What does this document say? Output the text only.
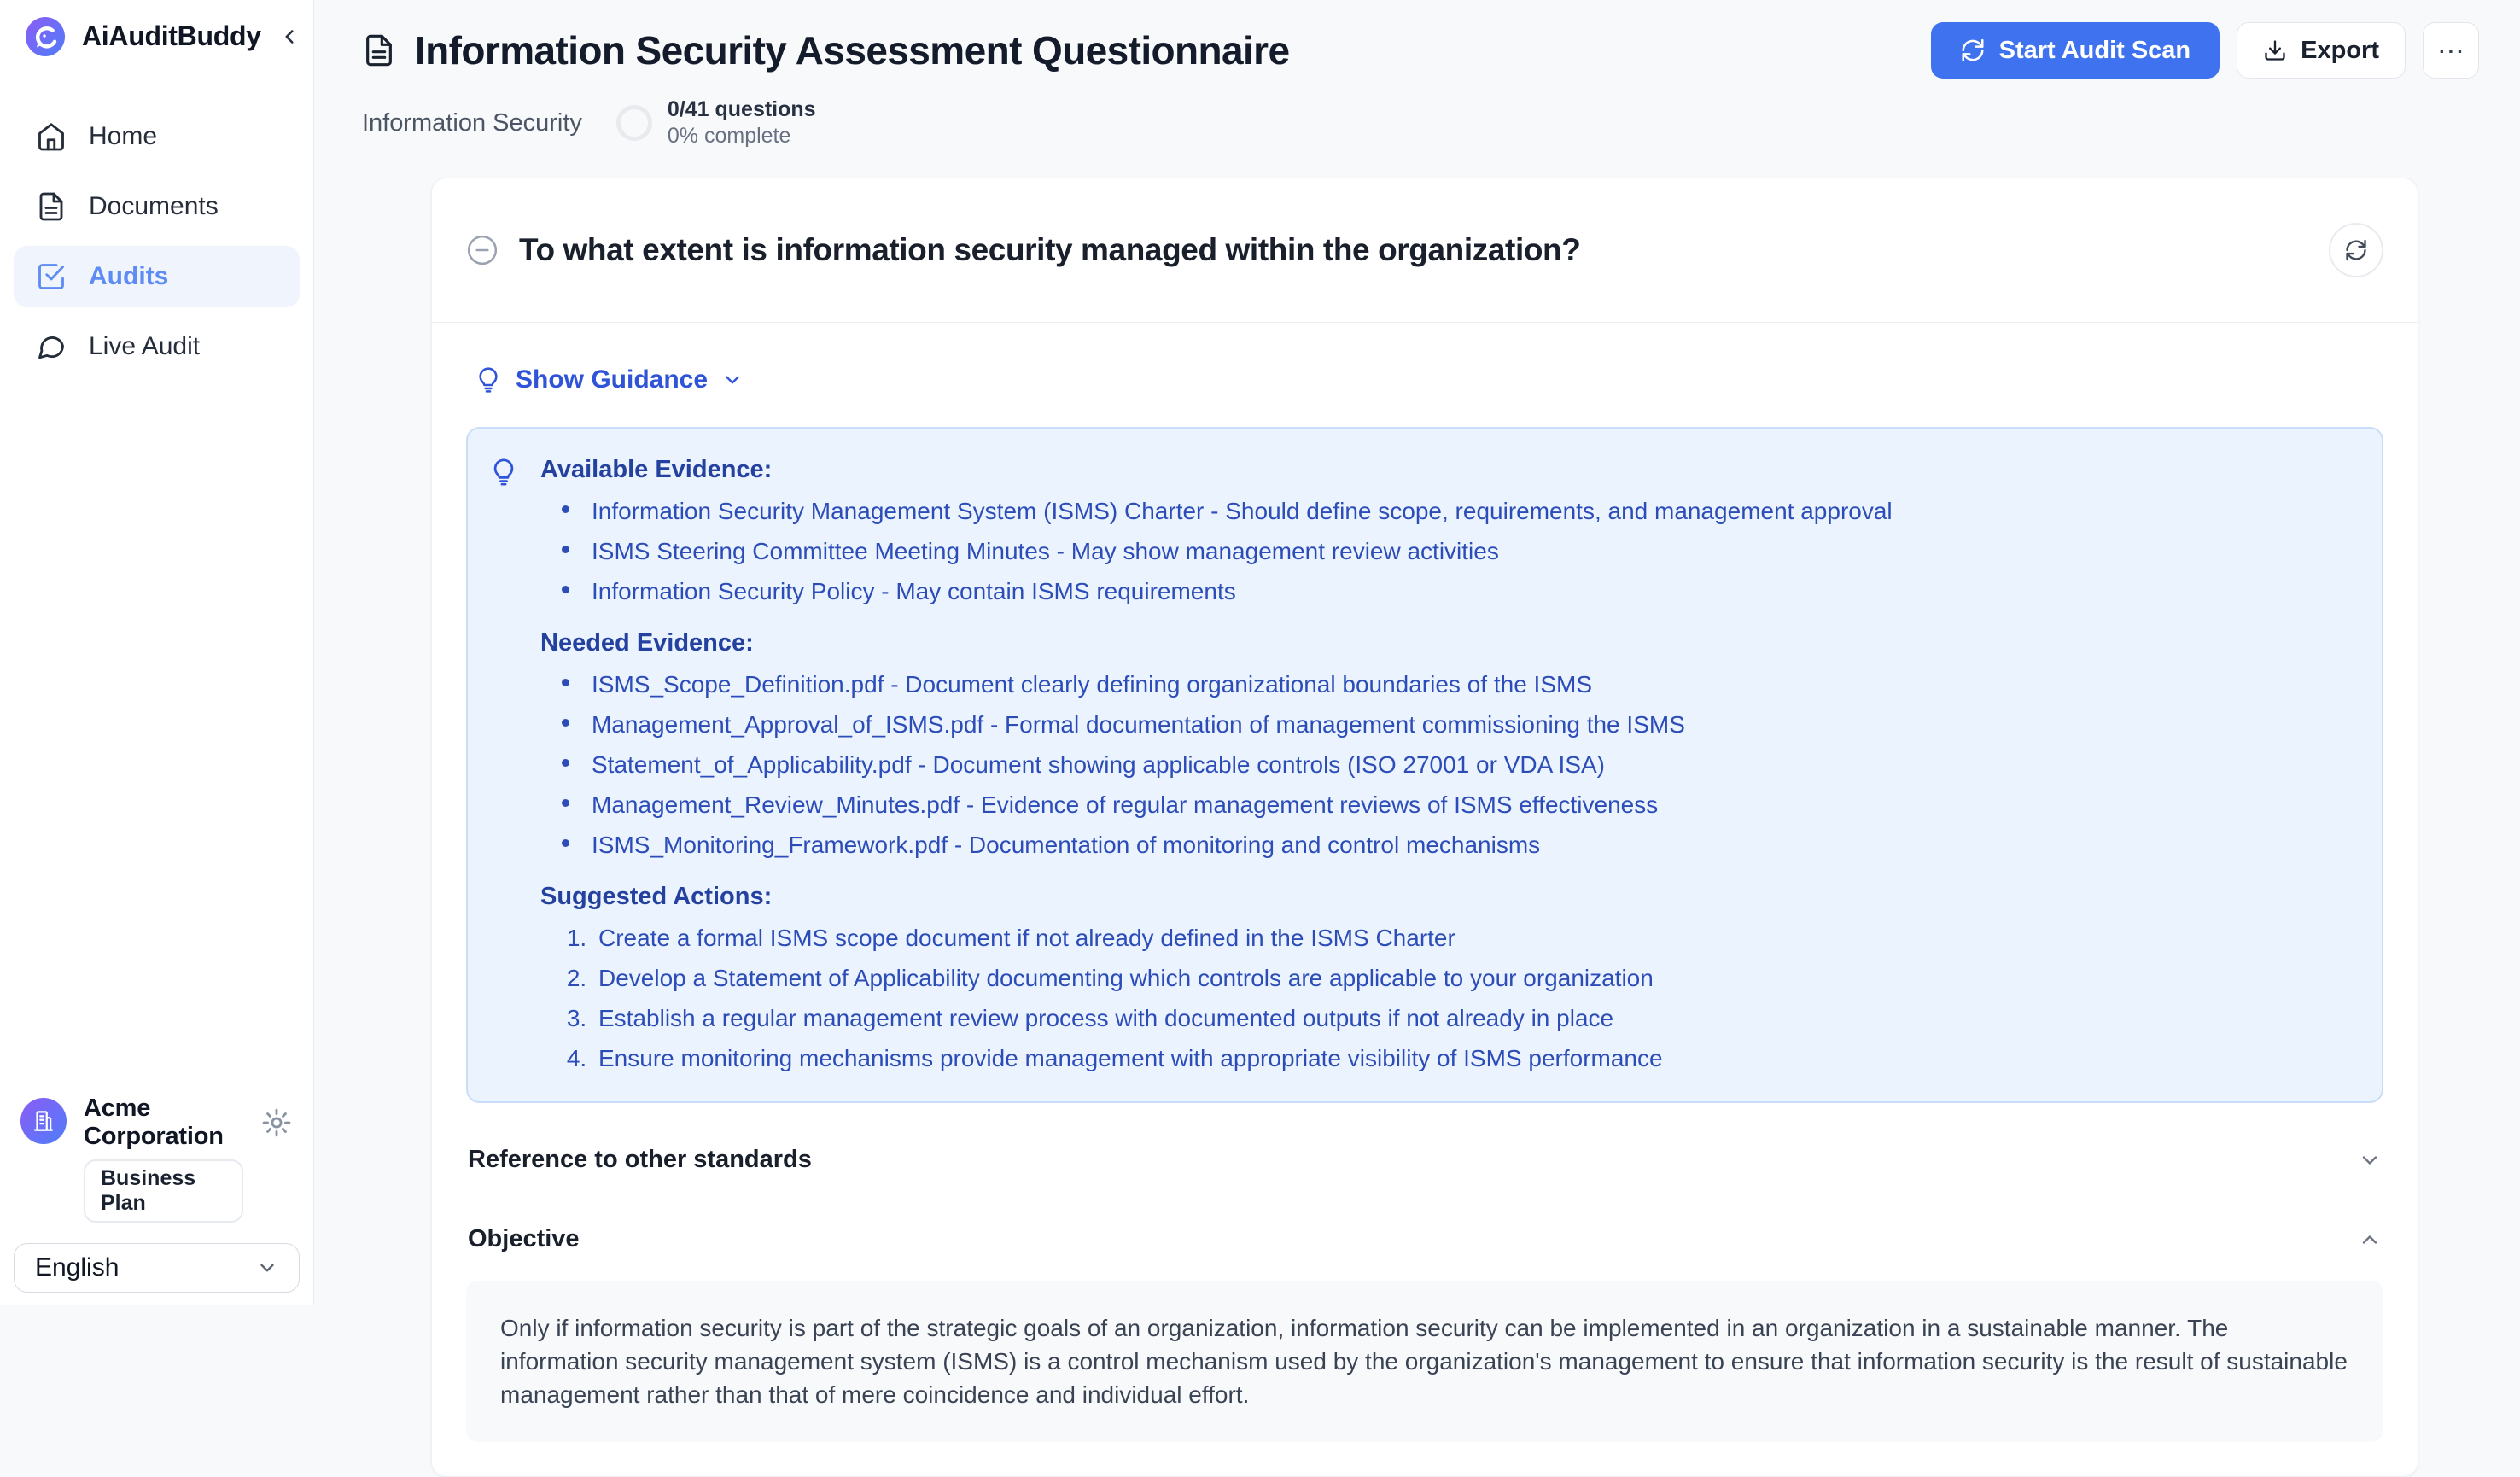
AiAuditBuddy
Home
Documents
Audits
Live Audit
Acme Corporation
Business Plan
English
Information Security Assessment Questionnaire	Start Audit Scan	Export	⋯
Information Security	0/41 questions
0% complete
To what extent is information security managed within the organization?
Show Guidance
Available Evidence:
Information Security Management System (ISMS) Charter - Should define scope, requirements, and management approval
ISMS Steering Committee Meeting Minutes - May show management review activities
Information Security Policy - May contain ISMS requirements
Needed Evidence:
ISMS_Scope_Definition.pdf - Document clearly defining organizational boundaries of the ISMS
Management_Approval_of_ISMS.pdf - Formal documentation of management commissioning the ISMS
Statement_of_Applicability.pdf - Document showing applicable controls (ISO 27001 or VDA ISA)
Management_Review_Minutes.pdf - Evidence of regular management reviews of ISMS effectiveness
ISMS_Monitoring_Framework.pdf - Documentation of monitoring and control mechanisms
Suggested Actions:
1. Create a formal ISMS scope document if not already defined in the ISMS Charter
2. Develop a Statement of Applicability documenting which controls are applicable to your organization
3. Establish a regular management review process with documented outputs if not already in place
4. Ensure monitoring mechanisms provide management with appropriate visibility of ISMS performance
Reference to other standards
Objective

Only if information security is part of the strategic goals of an organization, information security can be implemented in an organization in a sustainable manner. The information security management system (ISMS) is a control mechanism used by the organization's management to ensure that information security is the result of sustainable management rather than that of mere coincidence and individual effort.
